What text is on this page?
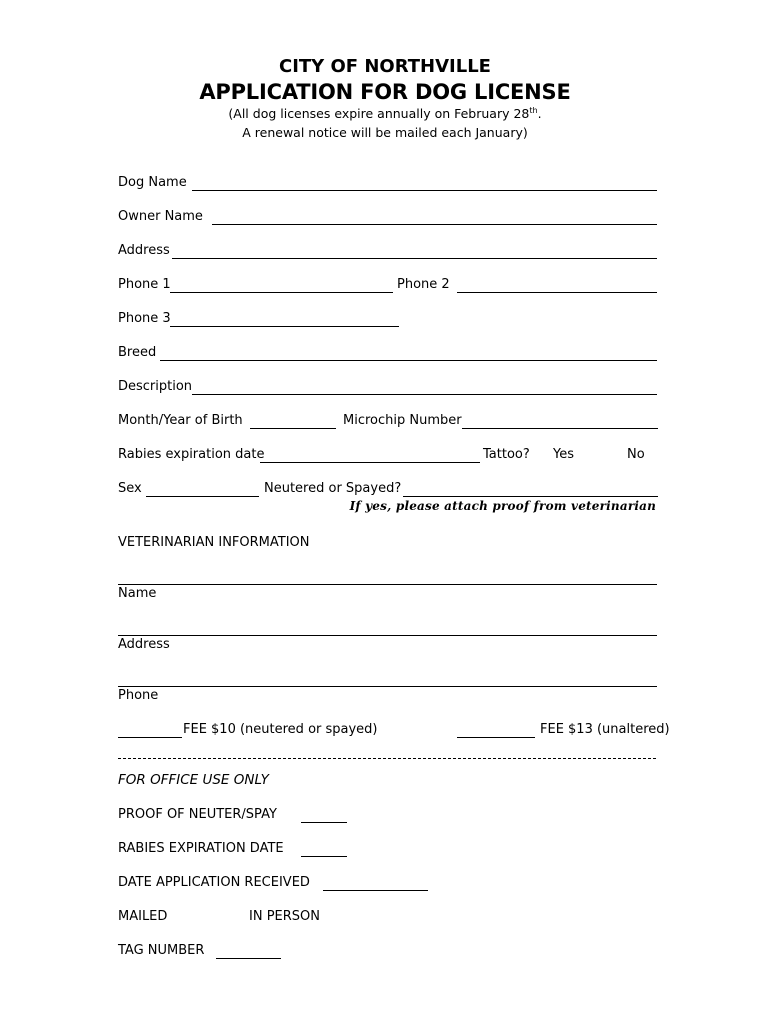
CITY OF NORTHVILLE
APPLICATION FOR DOG LICENSE
(All dog licenses expire annually on February 28th.
A renewal notice will be mailed each January)
Dog Name
Owner Name
Address
Phone 1	Phone 2
Phone 3
Breed
Description
Month/Year of Birth	Microchip Number
Rabies expiration date	Tattoo? Yes	No
Sex	Neutered or Spayed?
If yes, please attach proof from veterinarian
VETERINARIAN INFORMATION
Name
Address
Phone
FEE $10 (neutered or spayed)	FEE $13 (unaltered)
FOR OFFICE USE ONLY
PROOF OF NEUTER/SPAY
RABIES EXPIRATION DATE
DATE APPLICATION RECEIVED
MAILED	IN PERSON
TAG NUMBER
